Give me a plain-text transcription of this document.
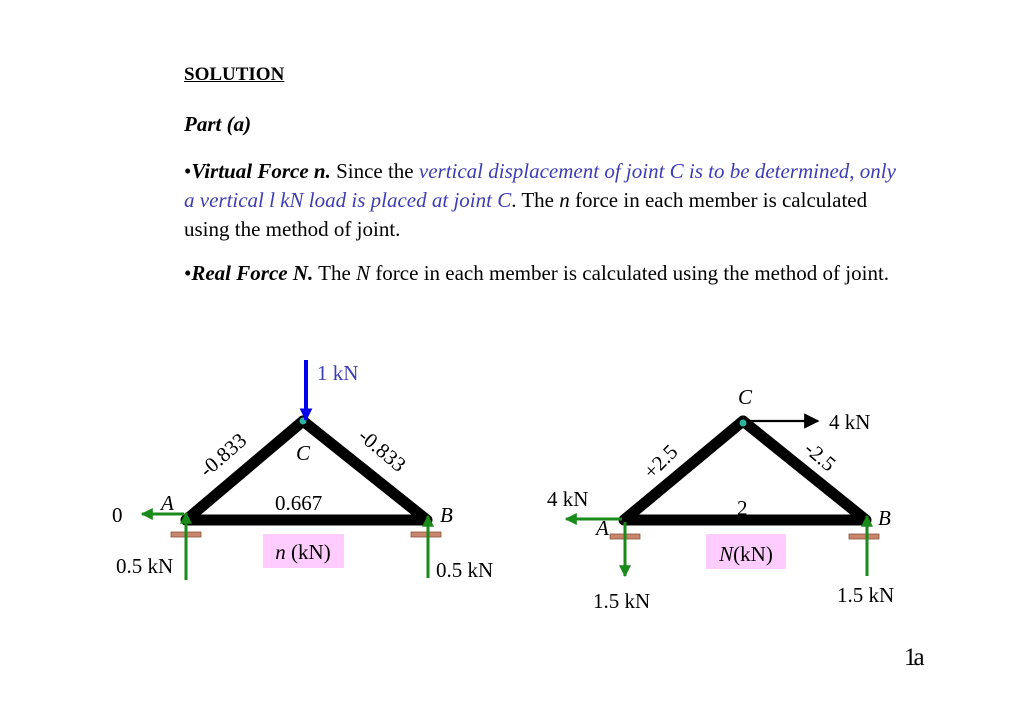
SOLUTION
Part (a)
•Virtual Force n. Since the vertical displacement of joint C is to be determined, only a vertical l kN load is placed at joint C. The n force in each member is calculated using the method of joint.
•Real Force N. The N force in each member is calculated using the method of joint.
1 kN
C
A	B
-0.833	-0.833
0.667
0
0.5 kN	0.5 kN
n (kN)
4 kN
C
A	B
+2.5	-2.5
2
4 kN
1.5 kN	1.5 kN
N(kN)
1a
